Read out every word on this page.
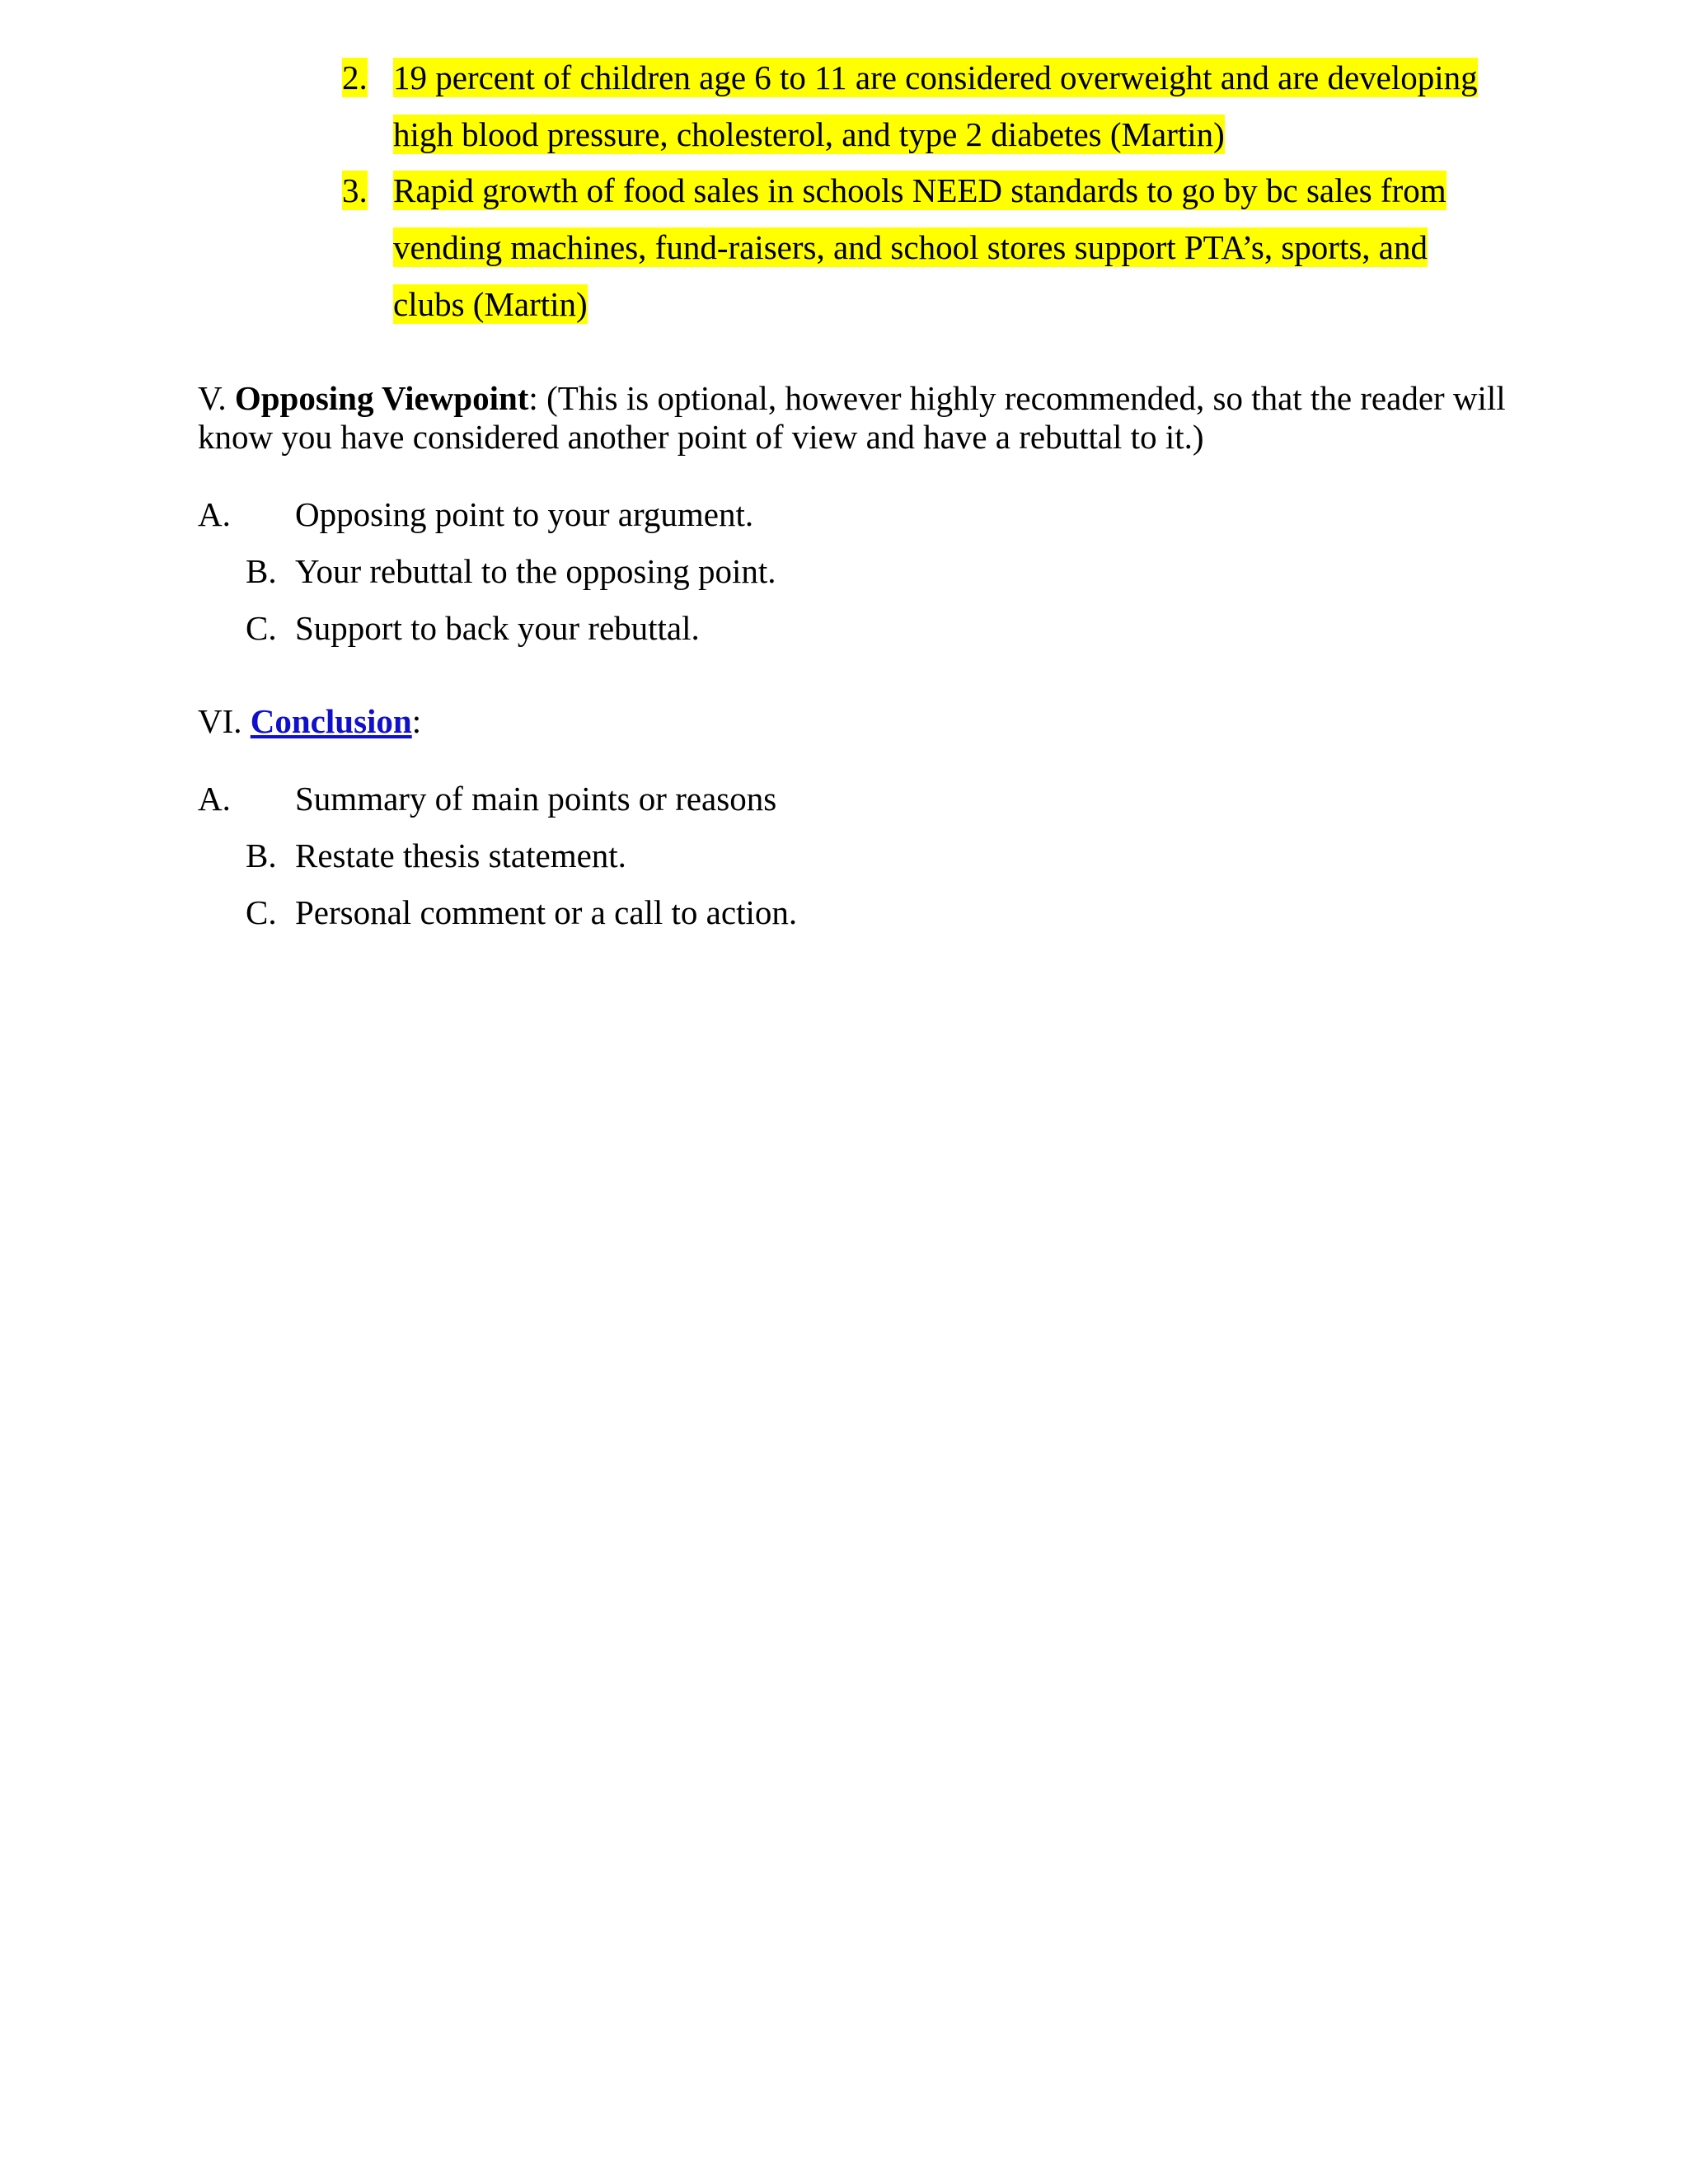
2. 19 percent of children age 6 to 11 are considered overweight and are developing
high blood pressure, cholesterol, and type 2 diabetes (Martin)
3. Rapid growth of food sales in schools NEED standards to go by bc sales from
vending machines, fund-raisers, and school stores support PTA’s, sports, and
clubs (Martin)
V. Opposing Viewpoint: (This is optional, however highly recommended, so that the reader will
know you have considered another point of view and have a rebuttal to it.)
A. Opposing point to your argument.
B. Your rebuttal to the opposing point.
C. Support to back your rebuttal.
VI. Conclusion:
A. Summary of main points or reasons
B. Restate thesis statement.
C. Personal comment or a call to action.
